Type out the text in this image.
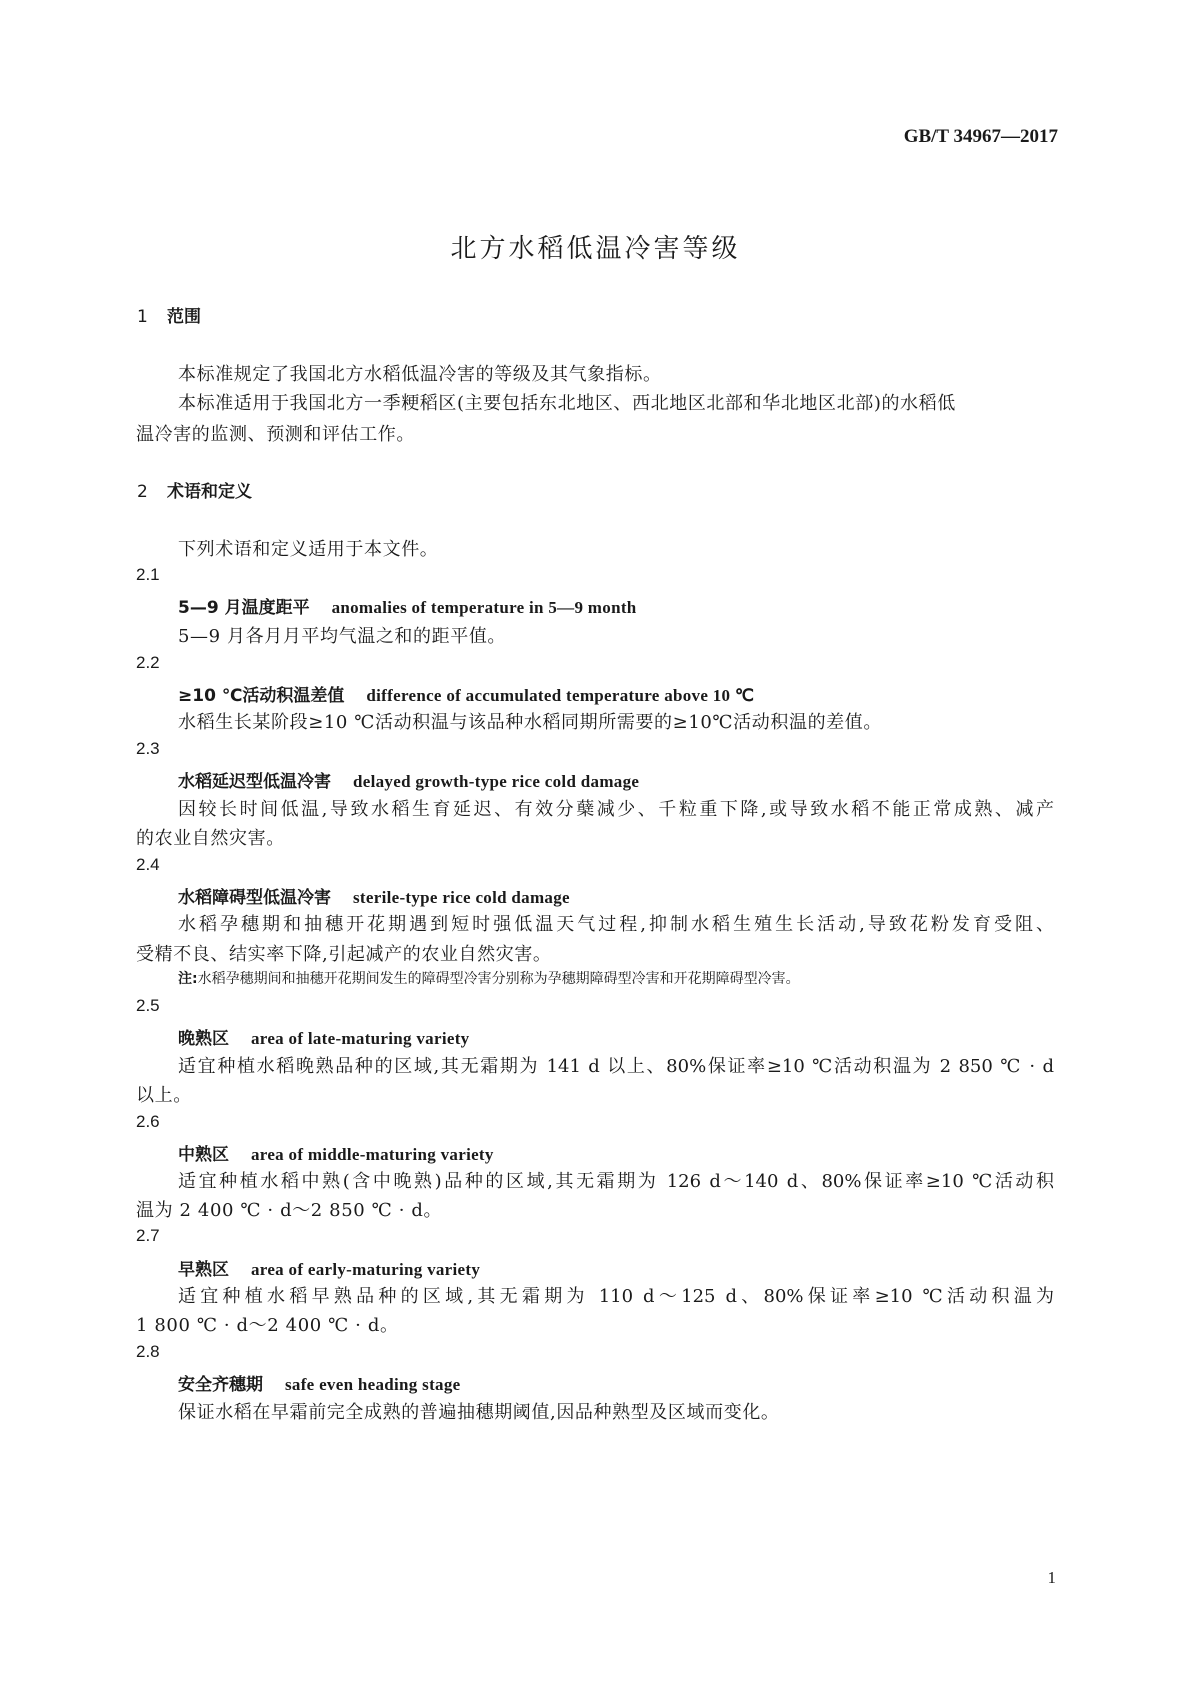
GB/T 34967—2017
北方水稻低温冷害等级
1 范围
本标准规定了我国北方水稻低温冷害的等级及其气象指标。
本标准适用于我国北方一季粳稻区(主要包括东北地区、西北地区北部和华北地区北部)的水稻低
温冷害的监测、预测和评估工作。
2 术语和定义
下列术语和定义适用于本文件。
2.1
5—9 月温度距平 anomalies of temperature in 5—9 month
5—9 月各月月平均气温之和的距平值。
2.2
≥10 ℃活动积温差值 difference of accumulated temperature above 10 ℃
水稻生长某阶段≥10 ℃活动积温与该品种水稻同期所需要的≥10℃活动积温的差值。
2.3
水稻延迟型低温冷害 delayed growth-type rice cold damage
因较长时间低温,导致水稻生育延迟、有效分蘖减少、千粒重下降,或导致水稻不能正常成熟、减产
的农业自然灾害。
2.4
水稻障碍型低温冷害 sterile-type rice cold damage
水稻孕穗期和抽穗开花期遇到短时强低温天气过程,抑制水稻生殖生长活动,导致花粉发育受阻、
受精不良、结实率下降,引起减产的农业自然灾害。
注:水稻孕穗期间和抽穗开花期间发生的障碍型冷害分别称为孕穗期障碍型冷害和开花期障碍型冷害。
2.5
晚熟区 area of late-maturing variety
适宜种植水稻晚熟品种的区域,其无霜期为 141 d 以上、80%保证率≥10 ℃活动积温为 2 850 ℃ · d
以上。
2.6
中熟区 area of middle-maturing variety
适宜种植水稻中熟(含中晚熟)品种的区域,其无霜期为 126 d～140 d、80%保证率≥10 ℃活动积
温为 2 400 ℃ · d～2 850 ℃ · d。
2.7
早熟区 area of early-maturing variety
适宜种植水稻早熟品种的区域,其无霜期为 110 d～125 d、80%保证率≥10 ℃活动积温为
1 800 ℃ · d～2 400 ℃ · d。
2.8
安全齐穗期 safe even heading stage
保证水稻在早霜前完全成熟的普遍抽穗期阈值,因品种熟型及区域而变化。
1
